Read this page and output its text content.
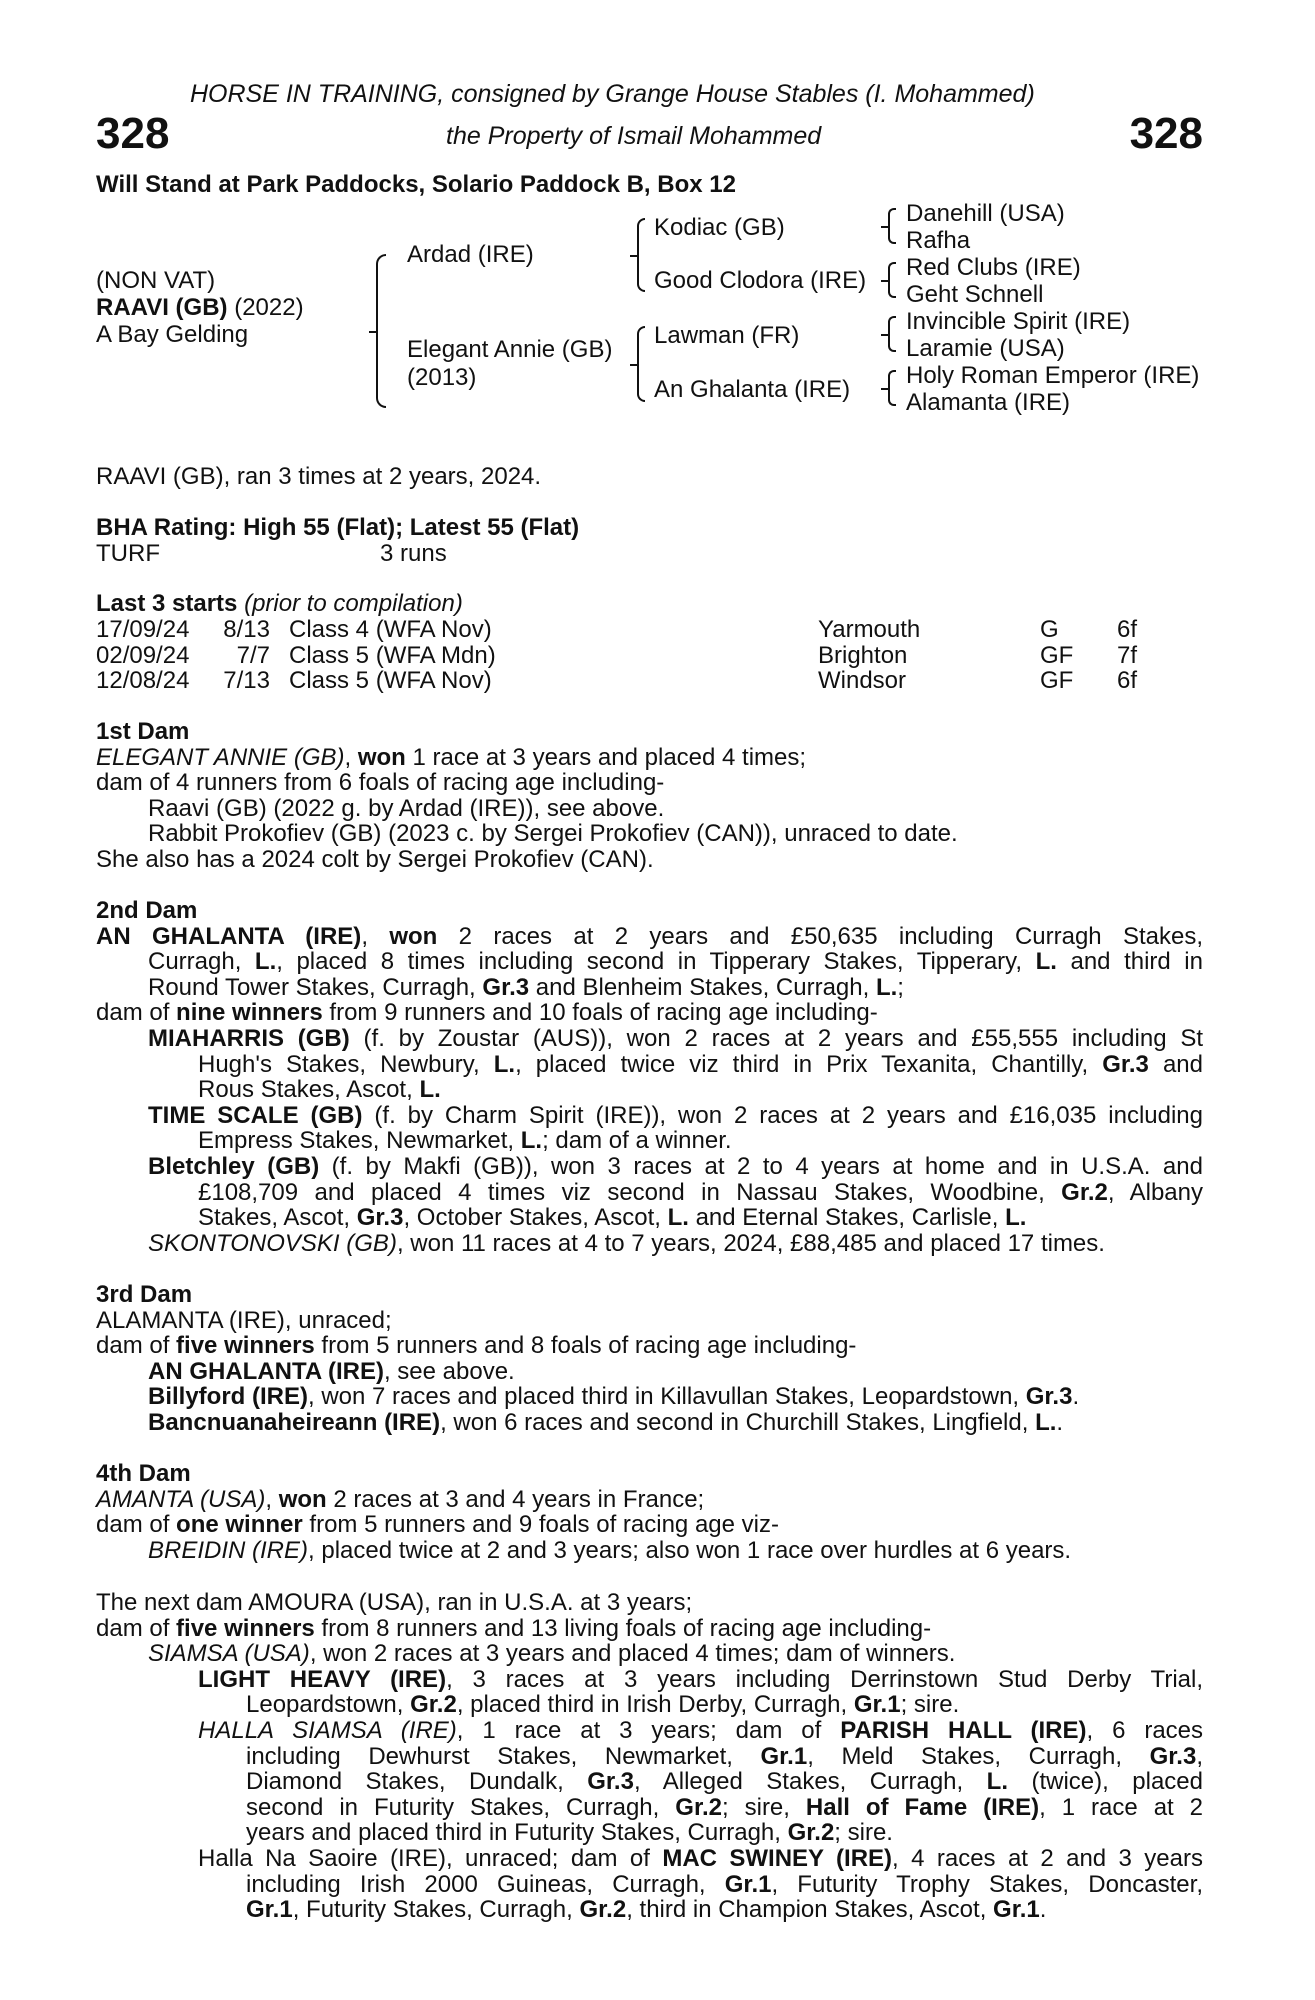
HORSE IN TRAINING, consigned by Grange House Stables (I. Mohammed)
328	the Property of Ismail Mohammed	328
Will Stand at Park Paddocks, Solario Paddock B, Box 12
(NON VAT)
RAAVI (GB) (2022)
A Bay Gelding
Ardad (IRE)
Elegant Annie (GB)
(2013)
Kodiac (GB)
Good Clodora (IRE)
Lawman (FR)
An Ghalanta (IRE)
Danehill (USA)
Rafha
Red Clubs (IRE)
Geht Schnell
Invincible Spirit (IRE)
Laramie (USA)
Holy Roman Emperor (IRE)
Alamanta (IRE)
RAAVI (GB), ran 3 times at 2 years, 2024.
BHA Rating: High 55 (Flat); Latest 55 (Flat)
TURF	3 runs
Last 3 starts (prior to compilation)
17/09/24 8/13 Class 4 (WFA Nov)	Yarmouth	G 6f
02/09/24	7/7 Class 5 (WFA Mdn)	Brighton	GF 7f
12/08/24 7/13 Class 5 (WFA Nov)	Windsor	GF 6f
1st Dam
ELEGANT ANNIE (GB), won 1 race at 3 years and placed 4 times;
dam of 4 runners from 6 foals of racing age including-
Raavi (GB) (2022 g. by Ardad (IRE)), see above.
Rabbit Prokofiev (GB) (2023 c. by Sergei Prokofiev (CAN)), unraced to date.
She also has a 2024 colt by Sergei Prokofiev (CAN).
2nd Dam
AN GHALANTA (IRE), won 2 races at 2 years and £50,635 including Curragh Stakes,
Curragh, L., placed 8 times including second in Tipperary Stakes, Tipperary, L. and third in
Round Tower Stakes, Curragh, Gr.3 and Blenheim Stakes, Curragh, L.;
dam of nine winners from 9 runners and 10 foals of racing age including-
MIAHARRIS (GB) (f. by Zoustar (AUS)), won 2 races at 2 years and £55,555 including St
Hugh's Stakes, Newbury, L., placed twice viz third in Prix Texanita, Chantilly, Gr.3 and
Rous Stakes, Ascot, L.
TIME SCALE (GB) (f. by Charm Spirit (IRE)), won 2 races at 2 years and £16,035 including
Empress Stakes, Newmarket, L.; dam of a winner.
Bletchley (GB) (f. by Makfi (GB)), won 3 races at 2 to 4 years at home and in U.S.A. and
£108,709 and placed 4 times viz second in Nassau Stakes, Woodbine, Gr.2, Albany
Stakes, Ascot, Gr.3, October Stakes, Ascot, L. and Eternal Stakes, Carlisle, L.
SKONTONOVSKI (GB), won 11 races at 4 to 7 years, 2024, £88,485 and placed 17 times.
3rd Dam
ALAMANTA (IRE), unraced;
dam of five winners from 5 runners and 8 foals of racing age including-
AN GHALANTA (IRE), see above.
Billyford (IRE), won 7 races and placed third in Killavullan Stakes, Leopardstown, Gr.3.
Bancnuanaheireann (IRE), won 6 races and second in Churchill Stakes, Lingfield, L..
4th Dam
AMANTA (USA), won 2 races at 3 and 4 years in France;
dam of one winner from 5 runners and 9 foals of racing age viz-
BREIDIN (IRE), placed twice at 2 and 3 years; also won 1 race over hurdles at 6 years.
The next dam AMOURA (USA), ran in U.S.A. at 3 years;
dam of five winners from 8 runners and 13 living foals of racing age including-
SIAMSA (USA), won 2 races at 3 years and placed 4 times; dam of winners.
LIGHT HEAVY (IRE), 3 races at 3 years including Derrinstown Stud Derby Trial,
Leopardstown, Gr.2, placed third in Irish Derby, Curragh, Gr.1; sire.
HALLA SIAMSA (IRE), 1 race at 3 years; dam of PARISH HALL (IRE), 6 races
including Dewhurst Stakes, Newmarket, Gr.1, Meld Stakes, Curragh, Gr.3,
Diamond Stakes, Dundalk, Gr.3, Alleged Stakes, Curragh, L. (twice), placed
second in Futurity Stakes, Curragh, Gr.2; sire, Hall of Fame (IRE), 1 race at 2
years and placed third in Futurity Stakes, Curragh, Gr.2; sire.
Halla Na Saoire (IRE), unraced; dam of MAC SWINEY (IRE), 4 races at 2 and 3 years
including Irish 2000 Guineas, Curragh, Gr.1, Futurity Trophy Stakes, Doncaster,
Gr.1, Futurity Stakes, Curragh, Gr.2, third in Champion Stakes, Ascot, Gr.1.
